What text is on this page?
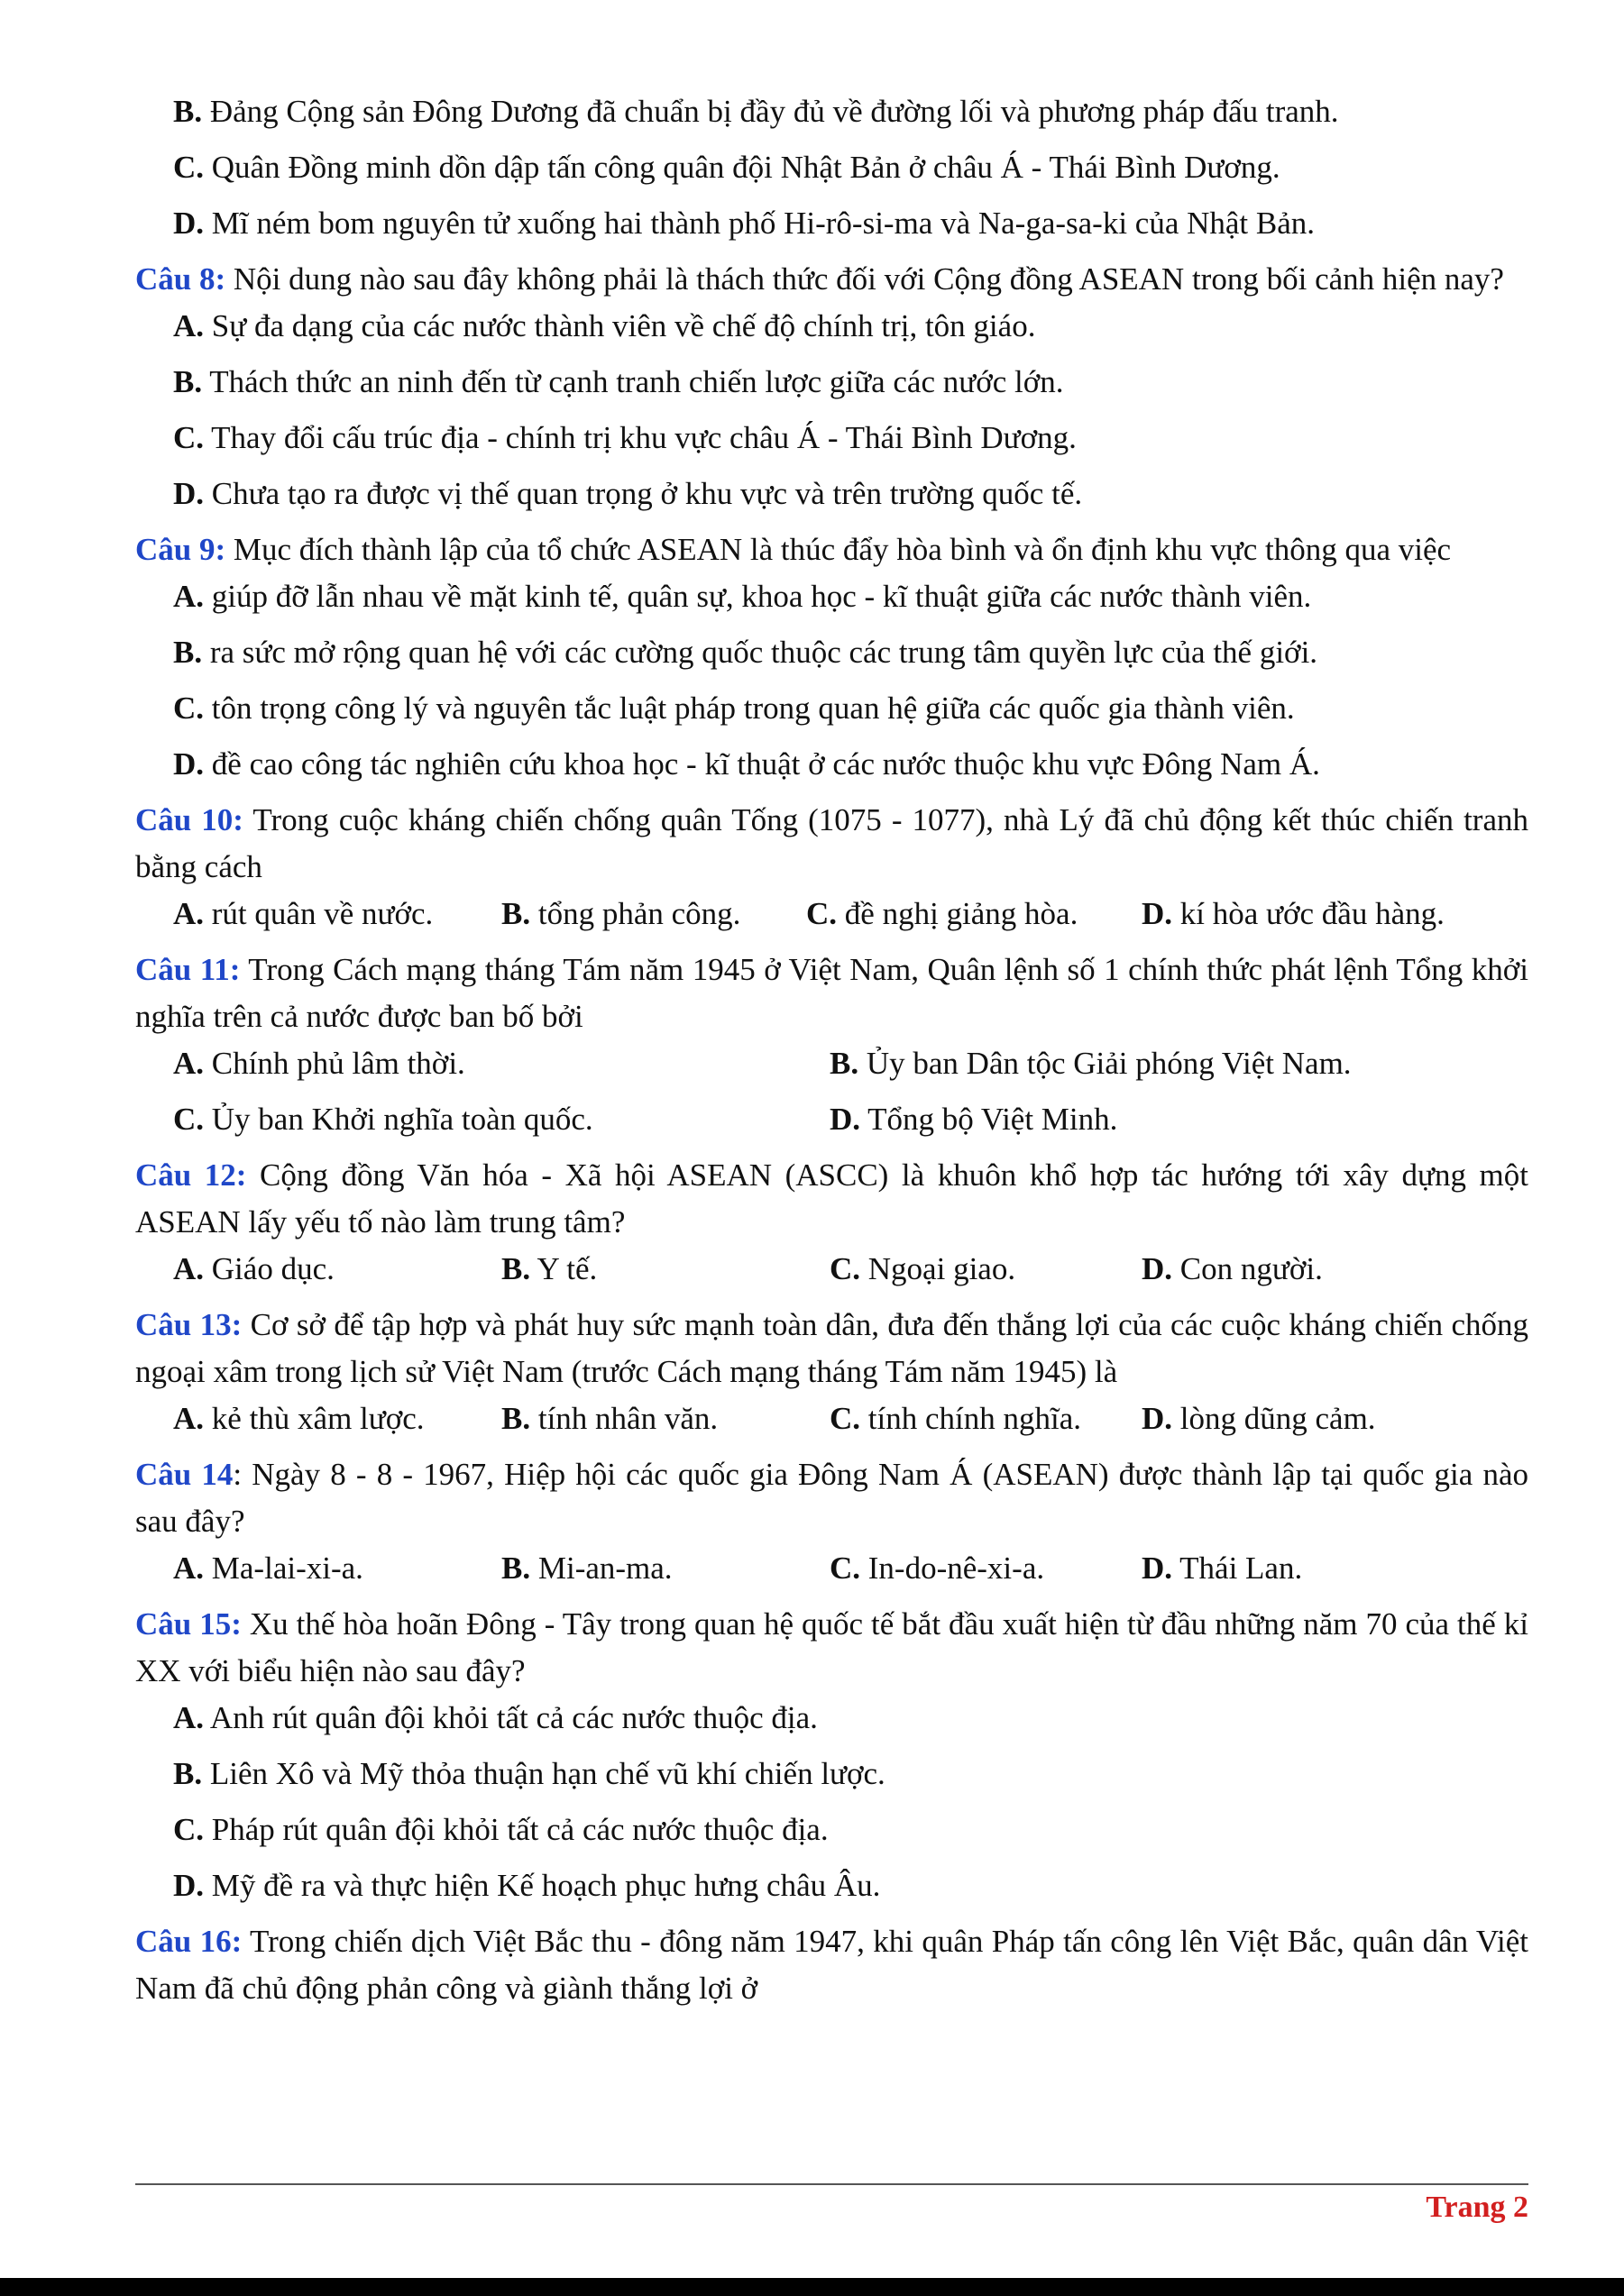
B. Đảng Cộng sản Đông Dương đã chuẩn bị đầy đủ về đường lối và phương pháp đấu tranh.
C. Quân Đồng minh dồn dập tấn công quân đội Nhật Bản ở châu Á - Thái Bình Dương.
D. Mĩ ném bom nguyên tử xuống hai thành phố Hi-rô-si-ma và Na-ga-sa-ki của Nhật Bản.
Câu 8: Nội dung nào sau đây không phải là thách thức đối với Cộng đồng ASEAN trong bối cảnh hiện nay?
A. Sự đa dạng của các nước thành viên về chế độ chính trị, tôn giáo.
B. Thách thức an ninh đến từ cạnh tranh chiến lược giữa các nước lớn.
C. Thay đổi cấu trúc địa - chính trị khu vực châu Á - Thái Bình Dương.
D. Chưa tạo ra được vị thế quan trọng ở khu vực và trên trường quốc tế.
Câu 9: Mục đích thành lập của tổ chức ASEAN là thúc đẩy hòa bình và ổn định khu vực thông qua việc
A. giúp đỡ lẫn nhau về mặt kinh tế, quân sự, khoa học - kĩ thuật giữa các nước thành viên.
B. ra sức mở rộng quan hệ với các cường quốc thuộc các trung tâm quyền lực của thế giới.
C. tôn trọng công lý và nguyên tắc luật pháp trong quan hệ giữa các quốc gia thành viên.
D. đề cao công tác nghiên cứu khoa học - kĩ thuật ở các nước thuộc khu vực Đông Nam Á.
Câu 10: Trong cuộc kháng chiến chống quân Tống (1075 - 1077), nhà Lý đã chủ động kết thúc chiến tranh bằng cách
A. rút quân về nước.	B. tổng phản công.	C. đề nghị giảng hòa.	D. kí hòa ước đầu hàng.
Câu 11: Trong Cách mạng tháng Tám năm 1945 ở Việt Nam, Quân lệnh số 1 chính thức phát lệnh Tổng khởi nghĩa trên cả nước được ban bố bởi
A. Chính phủ lâm thời.	B. Ủy ban Dân tộc Giải phóng Việt Nam.
C. Ủy ban Khởi nghĩa toàn quốc.	D. Tổng bộ Việt Minh.
Câu 12: Cộng đồng Văn hóa - Xã hội ASEAN (ASCC) là khuôn khổ hợp tác hướng tới xây dựng một ASEAN lấy yếu tố nào làm trung tâm?
A. Giáo dục.	B. Y tế.	C. Ngoại giao.	D. Con người.
Câu 13: Cơ sở để tập hợp và phát huy sức mạnh toàn dân, đưa đến thắng lợi của các cuộc kháng chiến chống ngoại xâm trong lịch sử Việt Nam (trước Cách mạng tháng Tám năm 1945) là
A. kẻ thù xâm lược.	B. tính nhân văn.	C. tính chính nghĩa.	D. lòng dũng cảm.
Câu 14: Ngày 8 - 8 - 1967, Hiệp hội các quốc gia Đông Nam Á (ASEAN) được thành lập tại quốc gia nào sau đây?
A. Ma-lai-xi-a.	B. Mi-an-ma.	C. In-do-nê-xi-a.	D. Thái Lan.
Câu 15: Xu thế hòa hoãn Đông - Tây trong quan hệ quốc tế bắt đầu xuất hiện từ đầu những năm 70 của thế kỉ XX với biểu hiện nào sau đây?
A. Anh rút quân đội khỏi tất cả các nước thuộc địa.
B. Liên Xô và Mỹ thỏa thuận hạn chế vũ khí chiến lược.
C. Pháp rút quân đội khỏi tất cả các nước thuộc địa.
D. Mỹ đề ra và thực hiện Kế hoạch phục hưng châu Âu.
Câu 16: Trong chiến dịch Việt Bắc thu - đông năm 1947, khi quân Pháp tấn công lên Việt Bắc, quân dân Việt Nam đã chủ động phản công và giành thắng lợi ở
Trang 2
